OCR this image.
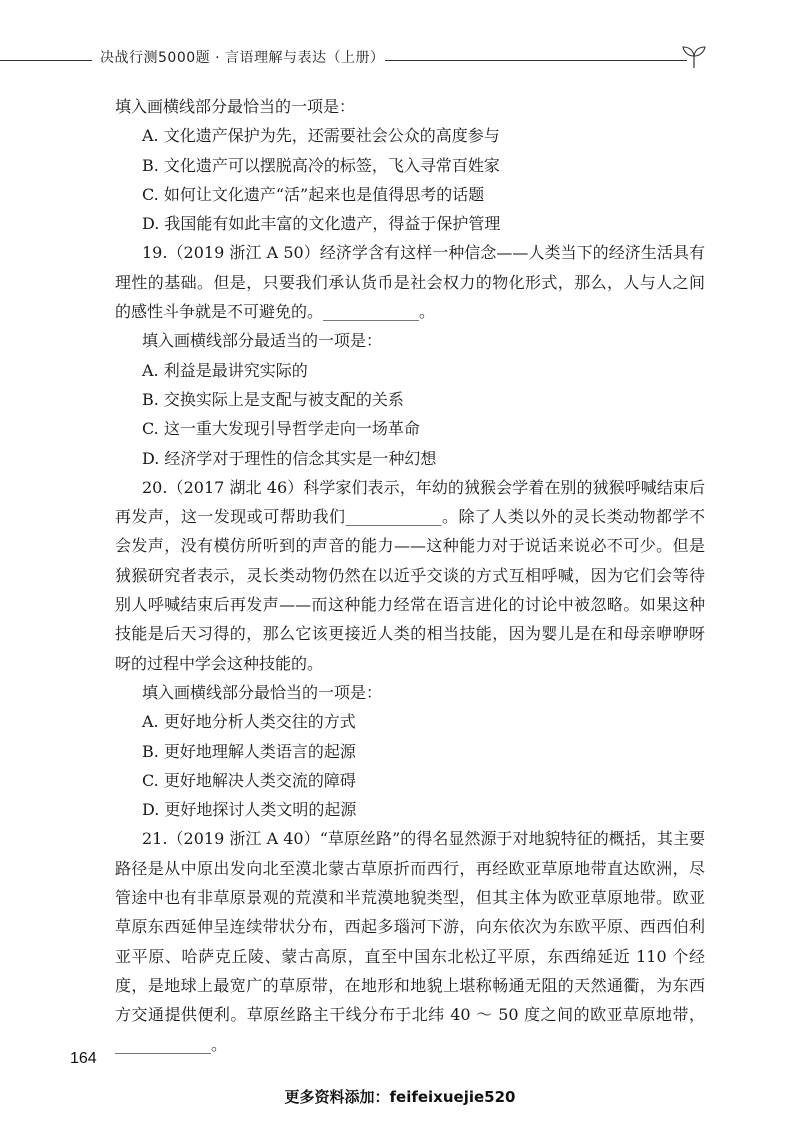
决战行测5000题 · 言语理解与表达（上册）

填入画横线部分最恰当的一项是：

A. 文化遗产保护为先，还需要社会公众的高度参与

B. 文化遗产可以摆脱高冷的标签，飞入寻常百姓家

C. 如何让文化遗产“活”起来也是值得思考的话题

D. 我国能有如此丰富的文化遗产，得益于保护管理

19.（2019 浙江 A 50）经济学含有这样一种信念——人类当下的经济生活具有理性的基础。但是，只要我们承认货币是社会权力的物化形式，那么，人与人之间的感性斗争就是不可避免的。____________。

填入画横线部分最适当的一项是：

A. 利益是最讲究实际的

B. 交换实际上是支配与被支配的关系

C. 这一重大发现引导哲学走向一场革命

D. 经济学对于理性的信念其实是一种幻想

20.（2017 湖北 46）科学家们表示，年幼的狨猴会学着在别的狨猴呼喊结束后再发声，这一发现或可帮助我们____________。除了人类以外的灵长类动物都学不会发声，没有模仿所听到的声音的能力——这种能力对于说话来说必不可少。但是狨猴研究者表示，灵长类动物仍然在以近乎交谈的方式互相呼喊，因为它们会等待别人呼喊结束后再发声——而这种能力经常在语言进化的讨论中被忽略。如果这种技能是后天习得的，那么它该更接近人类的相当技能，因为婴儿是在和母亲咿咿呀呀的过程中学会这种技能的。

填入画横线部分最恰当的一项是：

A. 更好地分析人类交往的方式

B. 更好地理解人类语言的起源

C. 更好地解决人类交流的障碍

D. 更好地探讨人类文明的起源

21.（2019 浙江 A 40）“草原丝路”的得名显然源于对地貌特征的概括，其主要路径是从中原出发向北至漠北蒙古草原折而西行，再经欧亚草原地带直达欧洲，尽管途中也有非草原景观的荒漠和半荒漠地貌类型，但其主体为欧亚草原地带。欧亚草原东西延伸呈连续带状分布，西起多瑙河下游，向东依次为东欧平原、西西伯利亚平原、哈萨克丘陵、蒙古高原，直至中国东北松辽平原，东西绵延近 110 个经度，是地球上最宽广的草原带，在地形和地貌上堪称畅通无阻的天然通衢，为东西方交通提供便利。草原丝路主干线分布于北纬 40 ～ 50 度之间的欧亚草原地带，____________。

164
更多资料添加：feifeixuejie520
